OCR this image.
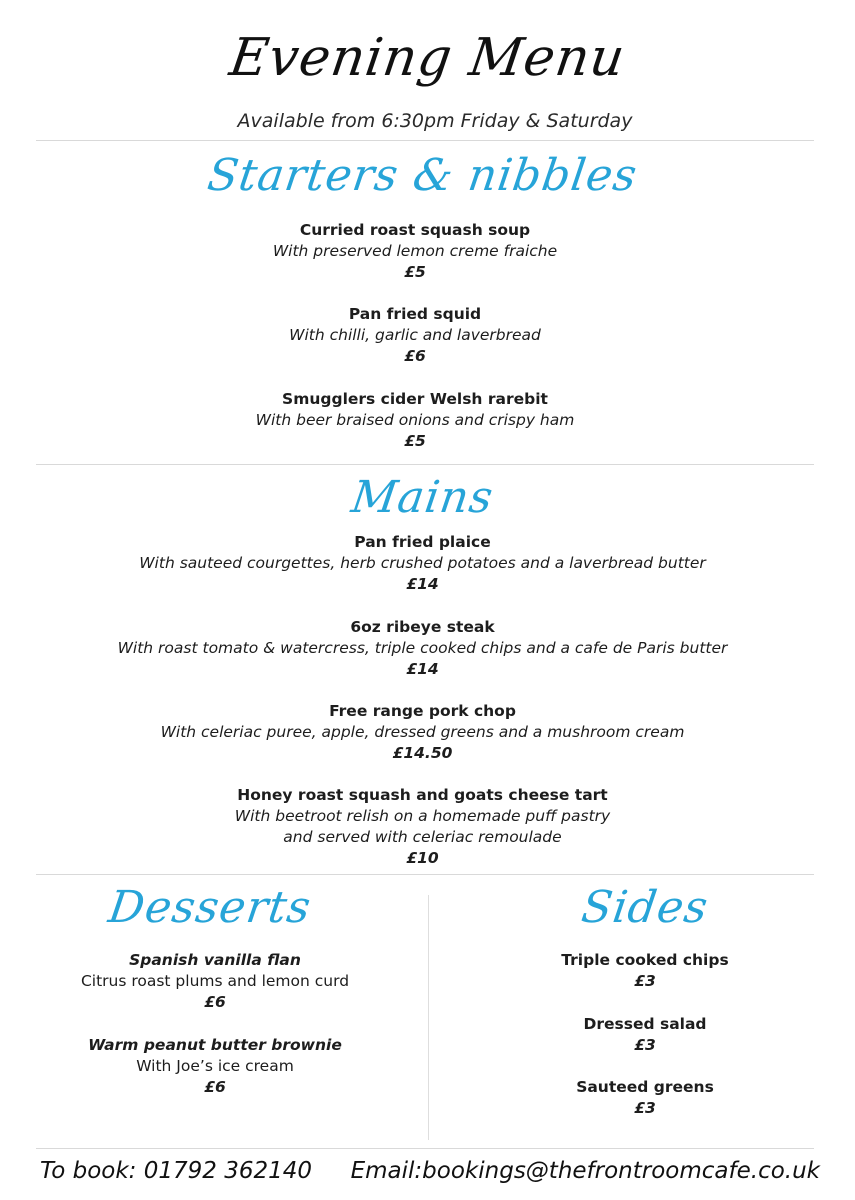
Evening Menu
Available from 6:30pm Friday & Saturday
Starters & nibbles
Curried roast squash soup
With preserved lemon creme fraiche
£5
Pan fried squid
With chilli, garlic and laverbread
£6
Smugglers cider Welsh rarebit
With beer braised onions and crispy ham
£5
Mains
Pan fried plaice
With sauteed courgettes, herb crushed potatoes and a laverbread butter
£14
6oz ribeye steak
With roast tomato & watercress, triple cooked chips and a cafe de Paris butter
£14
Free range pork chop
With celeriac puree, apple, dressed greens and a mushroom cream
£14.50
Honey roast squash and goats cheese tart
With beetroot relish on a homemade puff pastry
and served with celeriac remoulade
£10
Desserts
Spanish vanilla flan
Citrus roast plums and lemon curd
£6
Warm peanut butter brownie
With Joe’s ice cream
£6
Sides
Triple cooked chips
£3
Dressed salad
£3
Sauteed greens
£3
To book: 01792 362140 Email:bookings@thefrontroomcafe.co.uk
